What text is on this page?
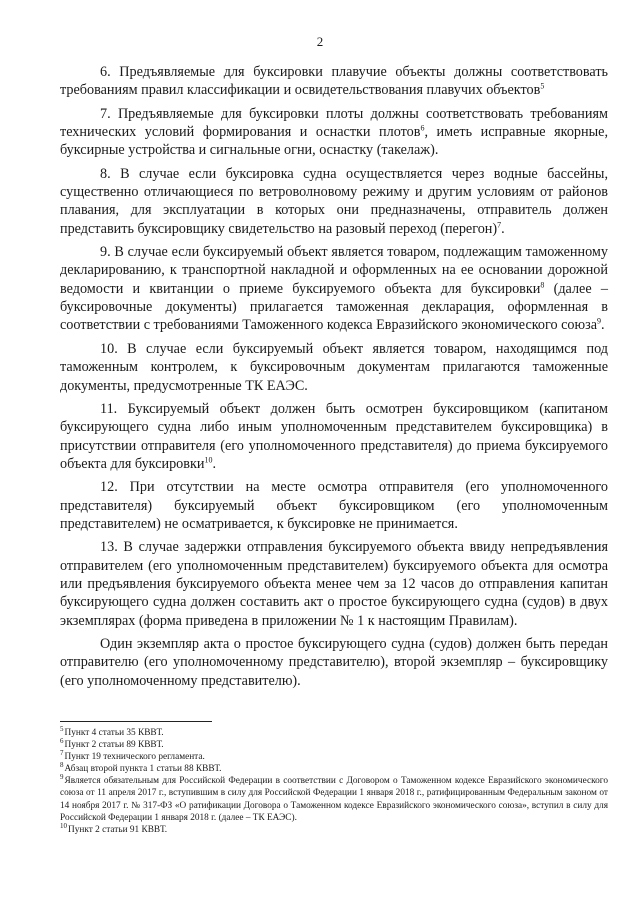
2

6. Предъявляемые для буксировки плавучие объекты должны соответствовать требованиям правил классификации и освидетельствования плавучих объектов$^5$

7. Предъявляемые для буксировки плоты должны соответствовать требованиям технических условий формирования и оснастки плотов$^6$, иметь исправные якорные, буксирные устройства и сигнальные огни, оснастку (такелаж).

8. В случае если буксировка судна осуществляется через водные бассейны, существенно отличающиеся по ветроволновому режиму и другим условиям от районов плавания, для эксплуатации в которых они предназначены, отправитель должен представить буксировщику свидетельство на разовый переход (перегон)$^7$.

9. В случае если буксируемый объект является товаром, подлежащим таможенному декларированию, к транспортной накладной и оформленных на ее основании дорожной ведомости и квитанции о приеме буксируемого объекта для буксировки$^8$ (далее – буксировочные документы) прилагается таможенная декларация, оформленная в соответствии с требованиями Таможенного кодекса Евразийского экономического союза$^9$.

10. В случае если буксируемый объект является товаром, находящимся под таможенным контролем, к буксировочным документам прилагаются таможенные документы, предусмотренные ТК ЕАЭС.

11. Буксируемый объект должен быть осмотрен буксировщиком (капитаном буксирующего судна либо иным уполномоченным представителем буксировщика) в присутствии отправителя (его уполномоченного представителя) до приема буксируемого объекта для буксировки$^{10}$.

12. При отсутствии на месте осмотра отправителя (его уполномоченного представителя) буксируемый объект буксировщиком (его уполномоченным представителем) не осматривается, к буксировке не принимается.

13. В случае задержки отправления буксируемого объекта ввиду непредъявления отправителем (его уполномоченным представителем) буксируемого объекта для осмотра или предъявления буксируемого объекта менее чем за 12 часов до отправления капитан буксирующего судна должен составить акт о простое буксирующего судна (судов) в двух экземплярах (форма приведена в приложении № 1 к настоящим Правилам).

Один экземпляр акта о простое буксирующего судна (судов) должен быть передан отправителю (его уполномоченному представителю), второй экземпляр – буксировщику (его уполномоченному представителю).

$^5$Пункт 4 статьи 35 КВВТ.

$^6$Пункт 2 статьи 89 КВВТ.

$^7$Пункт 19 технического регламента.

$^8$Абзац второй пункта 1 статьи 88 КВВТ.

$^9$Является обязательным для Российской Федерации в соответствии с Договором о Таможенном кодексе Евразийского экономического союза от 11 апреля 2017 г., вступившим в силу для Российской Федерации 1 января 2018 г., ратифицированным Федеральным законом от 14 ноября 2017 г. № 317-ФЗ «О ратификации Договора о Таможенном кодексе Евразийского экономического союза», вступил в силу для Российской Федерации 1 января 2018 г. (далее – ТК ЕАЭС).

$^{10}$Пункт 2 статьи 91 КВВТ.
